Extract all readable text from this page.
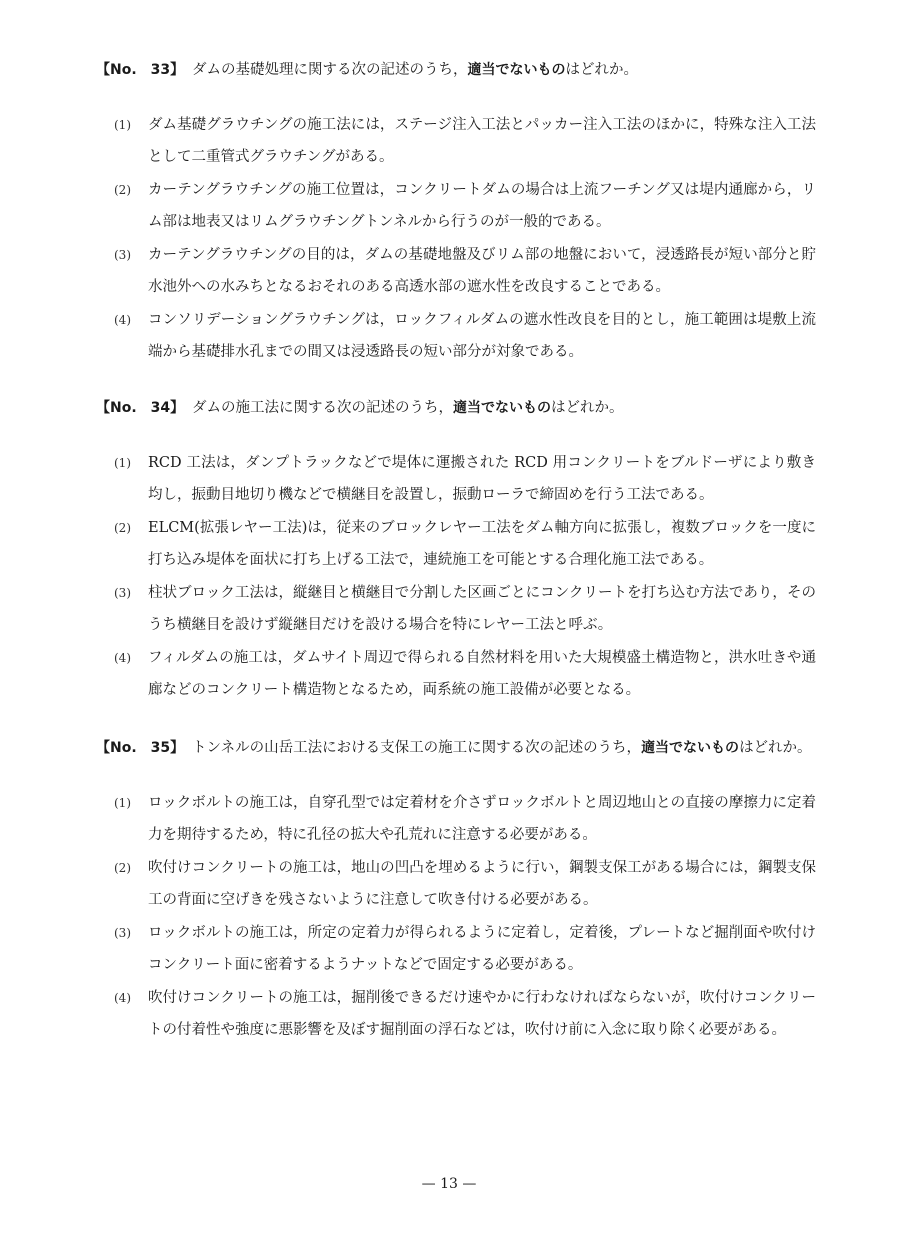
【No.　33】 ダムの基礎処理に関する次の記述のうち，適当でないものはどれか。
(1)	ダム基礎グラウチングの施工法には，ステージ注入工法とパッカー注入工法のほかに，特殊な注入工法として二重管式グラウチングがある。
(2)	カーテングラウチングの施工位置は，コンクリートダムの場合は上流フーチング又は堤内通廊から，リム部は地表又はリムグラウチングトンネルから行うのが一般的である。
(3)	カーテングラウチングの目的は，ダムの基礎地盤及びリム部の地盤において，浸透路長が短い部分と貯水池外への水みちとなるおそれのある高透水部の遮水性を改良することである。
(4)	コンソリデーショングラウチングは，ロックフィルダムの遮水性改良を目的とし，施工範囲は堤敷上流端から基礎排水孔までの間又は浸透路長の短い部分が対象である。
【No.　34】 ダムの施工法に関する次の記述のうち，適当でないものはどれか。
(1)	RCD 工法は，ダンプトラックなどで堤体に運搬された RCD 用コンクリートをブルドーザにより敷き均し，振動目地切り機などで横継目を設置し，振動ローラで締固めを行う工法である。
(2)	ELCM(拡張レヤー工法)は，従来のブロックレヤー工法をダム軸方向に拡張し，複数ブロックを一度に打ち込み堤体を面状に打ち上げる工法で，連続施工を可能とする合理化施工法である。
(3)	柱状ブロック工法は，縦継目と横継目で分割した区画ごとにコンクリートを打ち込む方法であり，そのうち横継目を設けず縦継目だけを設ける場合を特にレヤー工法と呼ぶ。
(4)	フィルダムの施工は，ダムサイト周辺で得られる自然材料を用いた大規模盛土構造物と，洪水吐きや通廊などのコンクリート構造物となるため，両系統の施工設備が必要となる。
【No.　35】 トンネルの山岳工法における支保工の施工に関する次の記述のうち，適当でないものはどれか。
(1)	ロックボルトの施工は，自穿孔型では定着材を介さずロックボルトと周辺地山との直接の摩擦力に定着力を期待するため，特に孔径の拡大や孔荒れに注意する必要がある。
(2)	吹付けコンクリートの施工は，地山の凹凸を埋めるように行い，鋼製支保工がある場合には，鋼製支保工の背面に空げきを残さないように注意して吹き付ける必要がある。
(3)	ロックボルトの施工は，所定の定着力が得られるように定着し，定着後，プレートなど掘削面や吹付けコンクリート面に密着するようナットなどで固定する必要がある。
(4)	吹付けコンクリートの施工は，掘削後できるだけ速やかに行わなければならないが，吹付けコンクリートの付着性や強度に悪影響を及ぼす掘削面の浮石などは，吹付け前に入念に取り除く必要がある。
— 13 —
